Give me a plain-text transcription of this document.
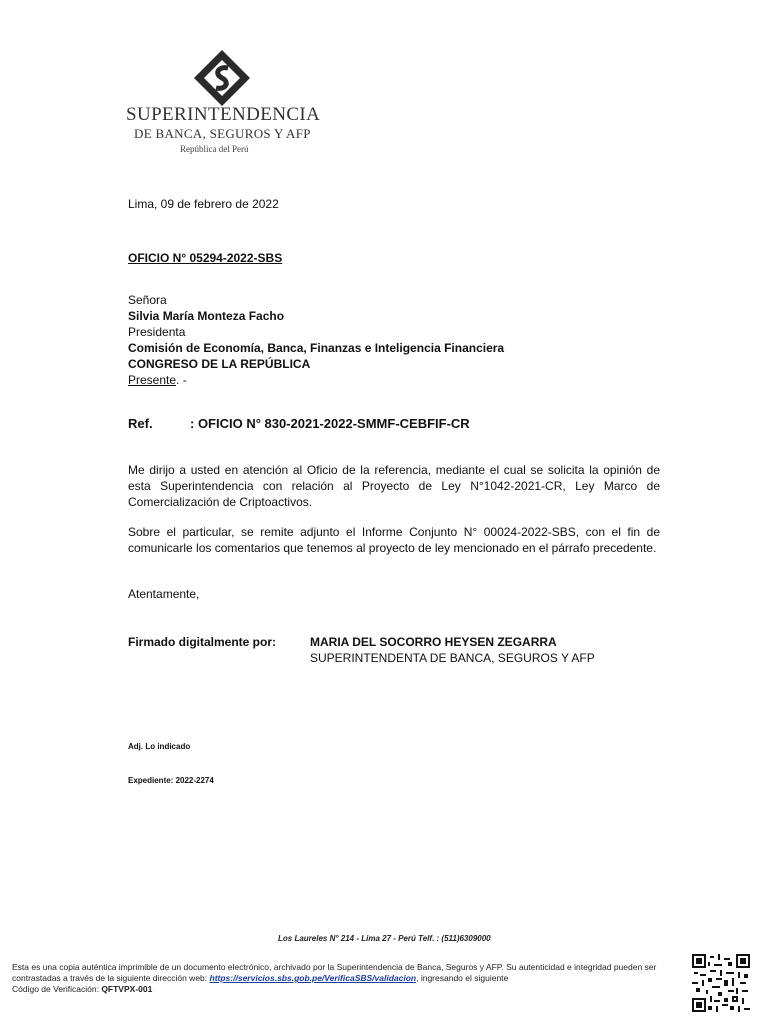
SUPERINTENDENCIA
DE BANCA, SEGUROS Y AFP
República del Perú
Lima, 09 de febrero de 2022
OFICIO N° 05294-2022-SBS
Señora
Silvia María Monteza Facho
Presidenta
Comisión de Economía, Banca, Finanzas e Inteligencia Financiera
CONGRESO DE LA REPÚBLICA
Presente. -
Ref.	: OFICIO N° 830-2021-2022-SMMF-CEBFIF-CR
Me dirijo a usted en atención al Oficio de la referencia, mediante el cual se solicita la opinión de esta Superintendencia con relación al Proyecto de Ley N°1042-2021-CR, Ley Marco de Comercialización de Criptoactivos.
Sobre el particular, se remite adjunto el Informe Conjunto N° 00024-2022-SBS, con el fin de comunicarle los comentarios que tenemos al proyecto de ley mencionado en el párrafo precedente.
Atentamente,
Firmado digitalmente por:	MARIA DEL SOCORRO HEYSEN ZEGARRA
SUPERINTENDENTA DE BANCA, SEGUROS Y AFP
Adj. Lo indicado
Expediente: 2022-2274
Los Laureles N° 214 - Lima 27 - Perú Telf. : (511)6309000
Esta es una copia auténtica imprimible de un documento electrónico, archivado por la Superintendencia de Banca, Seguros y AFP. Su autenticidad e integridad pueden ser contrastadas a través de la siguiente dirección web: https://servicios.sbs.gob.pe/VerificaSBS/validacion, ingresando el siguiente
Código de Verificación: QFTVPX-001
